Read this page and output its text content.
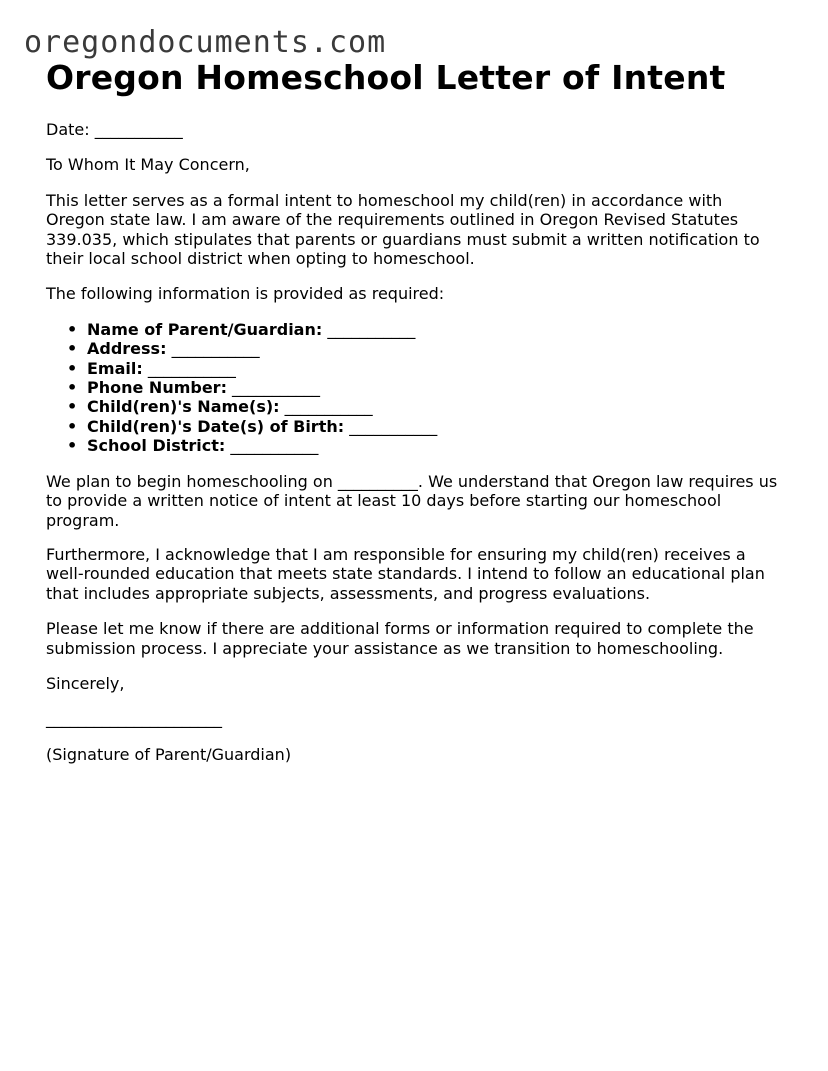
oregondocuments.com
Oregon Homeschool Letter of Intent

Date: ___________

To Whom It May Concern,

This letter serves as a formal intent to homeschool my child(ren) in accordance with Oregon state law. I am aware of the requirements outlined in Oregon Revised Statutes 339.035, which stipulates that parents or guardians must submit a written notification to their local school district when opting to homeschool.

The following information is provided as required:

• Name of Parent/Guardian: ___________
• Address: ___________
• Email: ___________
• Phone Number: ___________
• Child(ren)'s Name(s): ___________
• Child(ren)'s Date(s) of Birth: ___________
• School District: ___________

We plan to begin homeschooling on __________. We understand that Oregon law requires us to provide a written notice of intent at least 10 days before starting our homeschool program.

Furthermore, I acknowledge that I am responsible for ensuring my child(ren) receives a well-rounded education that meets state standards. I intend to follow an educational plan that includes appropriate subjects, assessments, and progress evaluations.

Please let me know if there are additional forms or information required to complete the submission process. I appreciate your assistance as we transition to homeschooling.

Sincerely,

______________________

(Signature of Parent/Guardian)
